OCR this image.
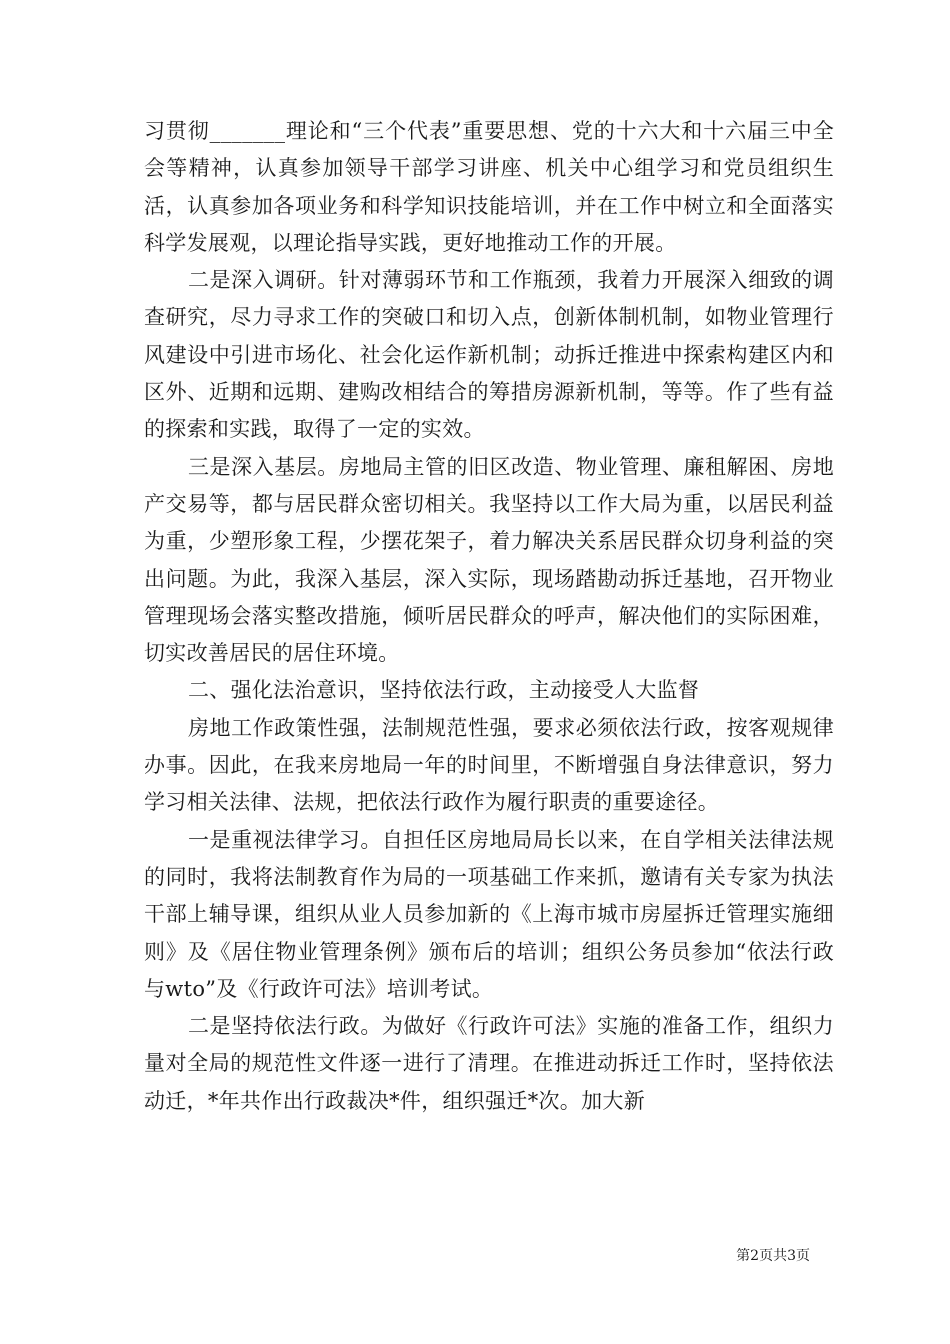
习贯彻_______理论和“三个代表”重要思想、党的十六大和十六届三中全会等精神，认真参加领导干部学习讲座、机关中心组学习和党员组织生活，认真参加各项业务和科学知识技能培训，并在工作中树立和全面落实科学发展观，以理论指导实践，更好地推动工作的开展。

二是深入调研。针对薄弱环节和工作瓶颈，我着力开展深入细致的调查研究，尽力寻求工作的突破口和切入点，创新体制机制，如物业管理行风建设中引进市场化、社会化运作新机制；动拆迁推进中探索构建区内和区外、近期和远期、建购改相结合的筹措房源新机制，等等。作了些有益的探索和实践，取得了一定的实效。

三是深入基层。房地局主管的旧区改造、物业管理、廉租解困、房地产交易等，都与居民群众密切相关。我坚持以工作大局为重，以居民利益为重，少塑形象工程，少摆花架子，着力解决关系居民群众切身利益的突出问题。为此，我深入基层，深入实际，现场踏勘动拆迁基地，召开物业管理现场会落实整改措施，倾听居民群众的呼声，解决他们的实际困难，切实改善居民的居住环境。

二、强化法治意识，坚持依法行政，主动接受人大监督

房地工作政策性强，法制规范性强，要求必须依法行政，按客观规律办事。因此，在我来房地局一年的时间里，不断增强自身法律意识，努力学习相关法律、法规，把依法行政作为履行职责的重要途径。

一是重视法律学习。自担任区房地局局长以来，在自学相关法律法规的同时，我将法制教育作为局的一项基础工作来抓，邀请有关专家为执法干部上辅导课，组织从业人员参加新的《上海市城市房屋拆迁管理实施细则》及《居住物业管理条例》颁布后的培训；组织公务员参加“依法行政与wto”及《行政许可法》培训考试。

二是坚持依法行政。为做好《行政许可法》实施的准备工作，组织力量对全局的规范性文件逐一进行了清理。在推进动拆迁工作时，坚持依法动迁，*年共作出行政裁决*件，组织强迁*次。加大新

第2页共3页
